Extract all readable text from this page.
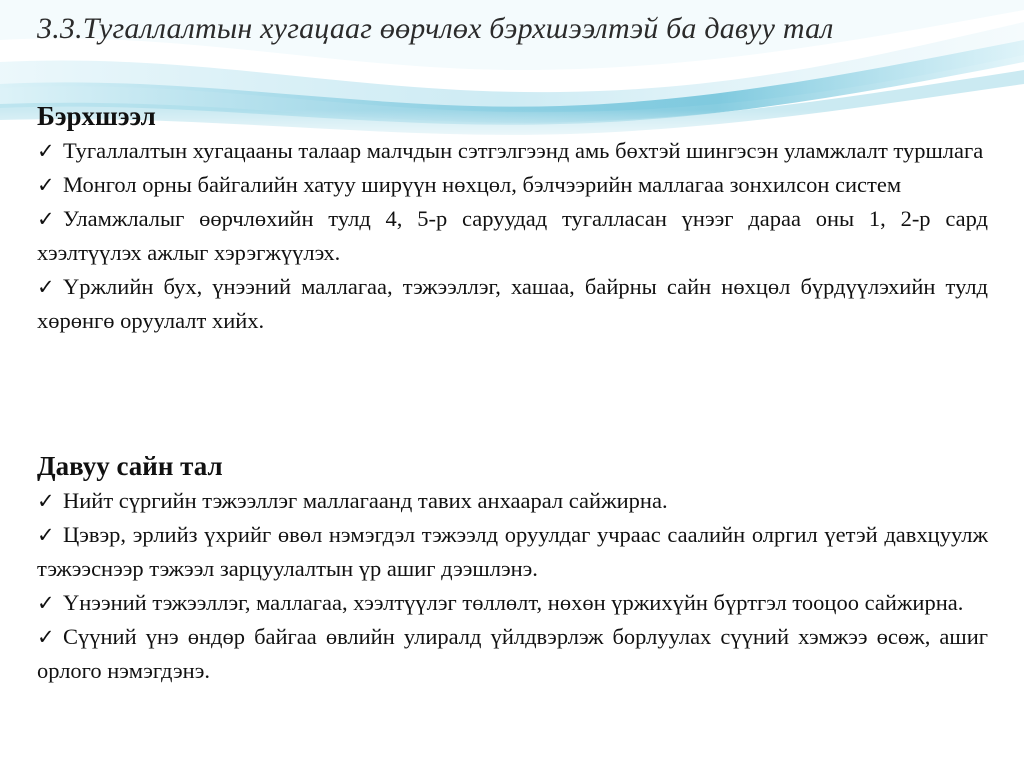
3.3.Тугаллалтын хугацааг өөрчлөх бэрхшээлтэй ба давуу тал
Бэрхшээл
✓ Тугаллалтын хугацааны талаар малчдын сэтгэлгээнд амь бөхтэй шингэсэн уламжлалт туршлага
✓ Монгол орны байгалийн хатуу ширүүн нөхцөл, бэлчээрийн маллагаа зонхилсон систем
✓ Уламжлалыг өөрчлөхийн тулд 4, 5-р саруудад тугалласан үнээг дараа оны 1, 2-р сард хээлтүүлэх ажлыг хэрэгжүүлэх.
✓ Үржлийн бух, үнээний маллагаа, тэжээллэг, хашаа, байрны сайн нөхцөл бүрдүүлэхийн тулд хөрөнгө оруулалт хийх.
Давуу сайн тал
✓ Нийт сүргийн тэжээллэг маллагаанд тавих анхаарал сайжирна.
✓ Цэвэр, эрлийз үхрийг өвөл нэмэгдэл тэжээлд оруулдаг учраас саалийн олргил үетэй давхцуулж тэжээснээр тэжээл зарцуулалтын үр ашиг дээшлэнэ.
✓ Үнээний тэжээллэг, маллагаа, хээлтүүлэг төллөлт, нөхөн үржихүйн бүртгэл тооцоо сайжирна.
✓ Сүүний үнэ өндөр байгаа өвлийн улиралд үйлдвэрлэж борлуулах сүүний хэмжээ өсөж, ашиг орлого нэмэгдэнэ.
